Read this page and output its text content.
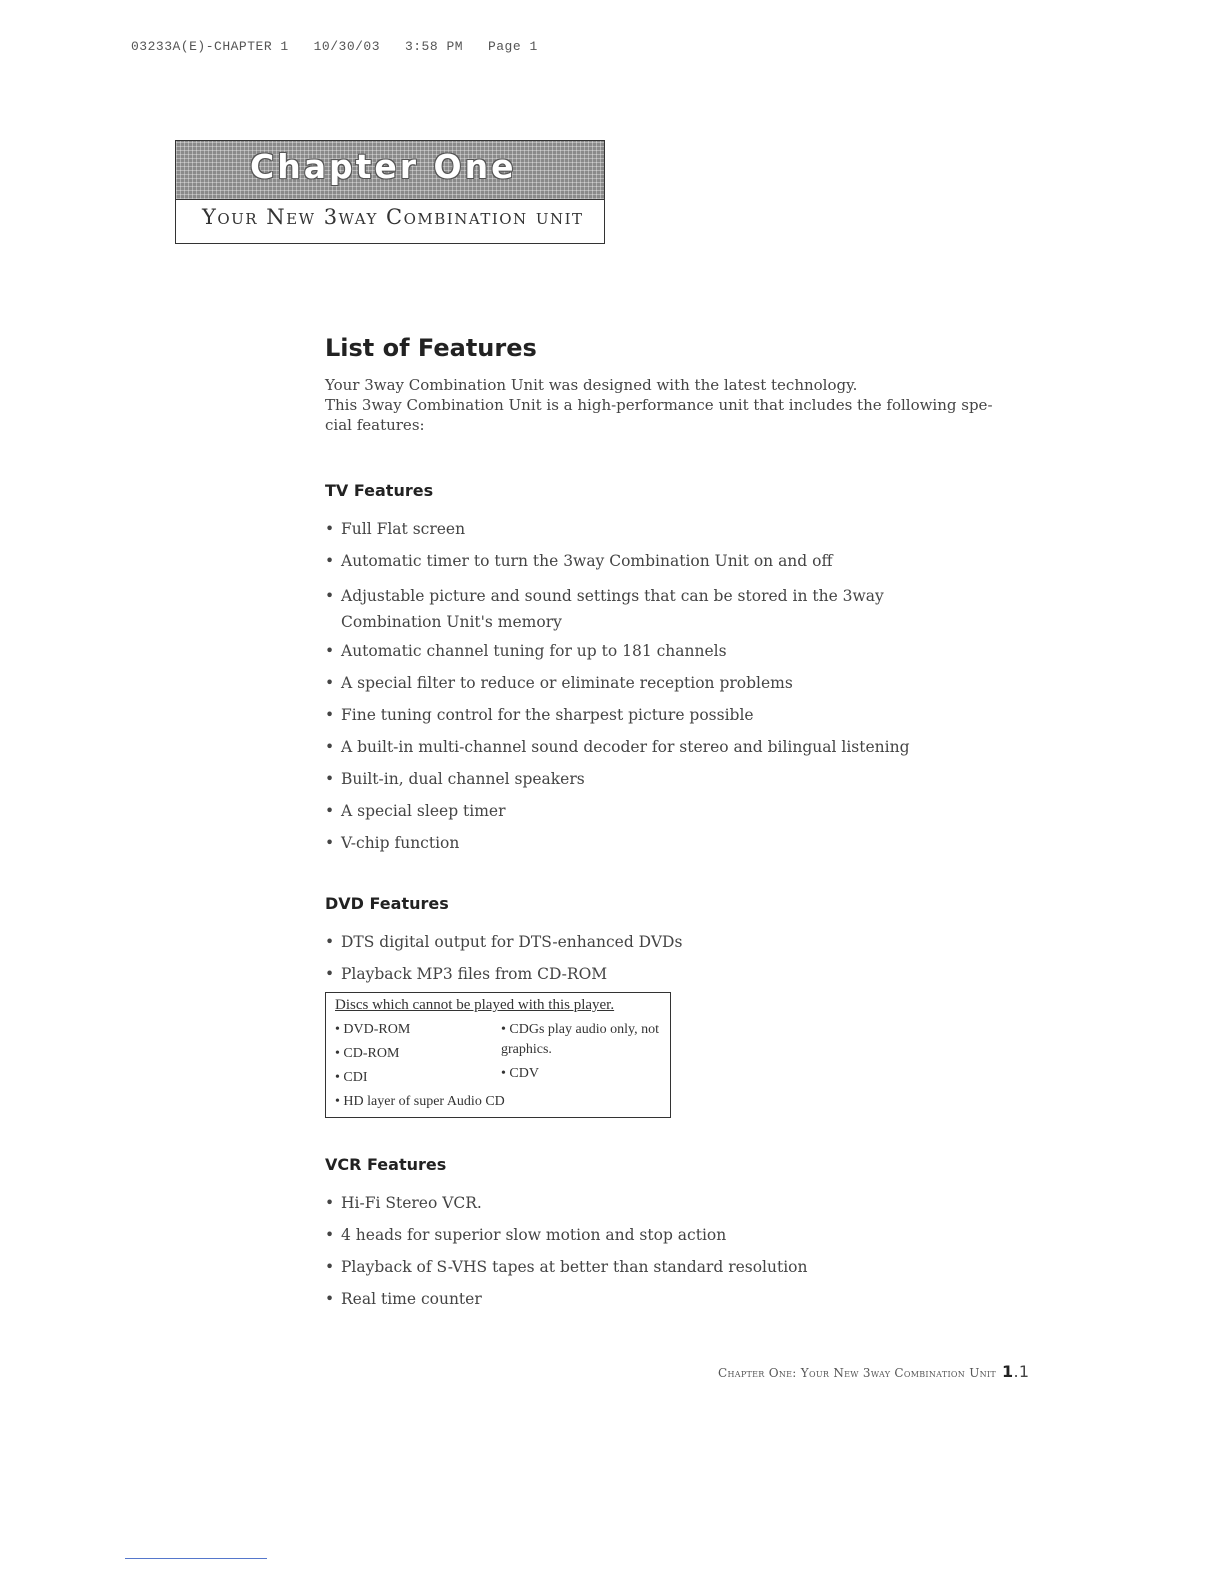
03233A(E)-CHAPTER 1   10/30/03   3:58 PM   Page 1
Chapter One
Your New 3way Combination unit
List of Features

Your 3way Combination Unit was designed with the latest technology.

This 3way Combination Unit is a high-performance unit that includes the following spe-cial features:

TV Features
• Full Flat screen
• Automatic timer to turn the 3way Combination Unit on and off
• Adjustable picture and sound settings that can be stored in the 3way Combination Unit's memory
• Automatic channel tuning for up to 181 channels
• A special filter to reduce or eliminate reception problems
• Fine tuning control for the sharpest picture possible
• A built-in multi-channel sound decoder for stereo and bilingual listening
• Built-in, dual channel speakers
• A special sleep timer
• V-chip function
DVD Features
• DTS digital output for DTS-enhanced DVDs
• Playback MP3 files from CD-ROM
Discs which cannot be played with this player.
• DVD-ROM
• CD-ROM
• CDI
• HD layer of super Audio CD
• CDGs play audio only, not graphics.
• CDV
VCR Features
• Hi-Fi Stereo VCR.
• 4 heads for superior slow motion and stop action
• Playback of S-VHS tapes at better than standard resolution
• Real time counter
Chapter One: Your New 3way Combination Unit 1.1
